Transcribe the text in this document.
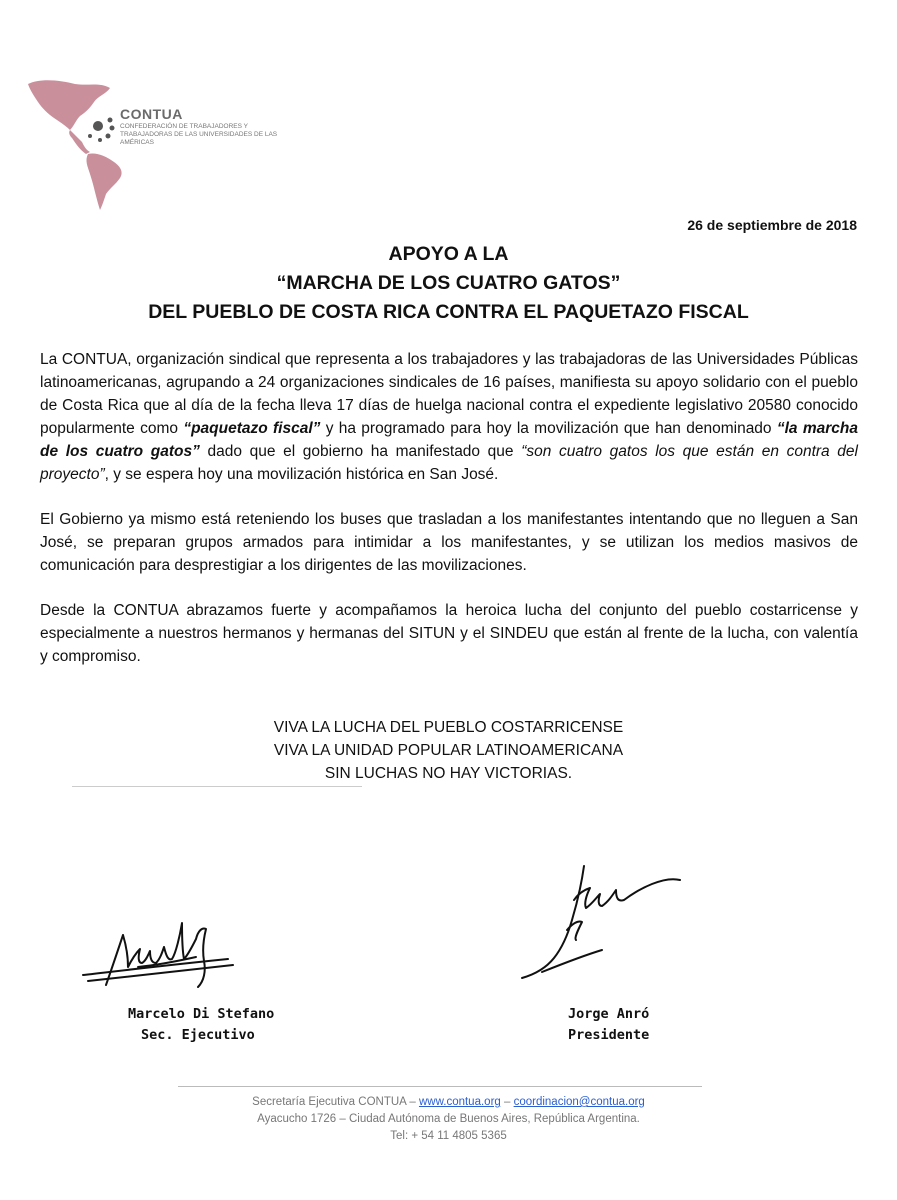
CONTUA
CONFEDERACIÓN DE TRABAJADORES Y TRABAJADORAS DE LAS UNIVERSIDADES DE LAS AMÉRICAS
26 de septiembre de 2018
APOYO A LA
“MARCHA DE LOS CUATRO GATOS”
DEL PUEBLO DE COSTA RICA CONTRA EL PAQUETAZO FISCAL

La CONTUA, organización sindical que representa a los trabajadores y las trabajadoras de las Universidades Públicas latinoamericanas, agrupando a 24 organizaciones sindicales de 16 países, manifiesta su apoyo solidario con el pueblo de Costa Rica que al día de la fecha lleva 17 días de huelga nacional contra el expediente legislativo 20580 conocido popularmente como “paquetazo fiscal” y ha programado para hoy la movilización que han denominado “la marcha de los cuatro gatos” dado que el gobierno ha manifestado que “son cuatro gatos los que están en contra del proyecto”, y se espera hoy una movilización histórica en San José.

El Gobierno ya mismo está reteniendo los buses que trasladan a los manifestantes intentando que no lleguen a San José, se preparan grupos armados para intimidar a los manifestantes, y se utilizan los medios masivos de comunicación para desprestigiar a los dirigentes de las movilizaciones.

Desde la CONTUA abrazamos fuerte y acompañamos la heroica lucha del conjunto del pueblo costarricense y especialmente a nuestros hermanos y hermanas del SITUN y el SINDEU que están al frente de la lucha, con valentía y compromiso.

VIVA LA LUCHA DEL PUEBLO COSTARRICENSE
VIVA LA UNIDAD POPULAR LATINOAMERICANA
SIN LUCHAS NO HAY VICTORIAS.
Marcelo Di Stefano
Sec. Ejecutivo
Jorge Anró
Presidente
Secretaría Ejecutiva CONTUA – www.contua.org – coordinacion@contua.org
Ayacucho 1726 – Ciudad Autónoma de Buenos Aires, República Argentina.
Tel: + 54 11 4805 5365
